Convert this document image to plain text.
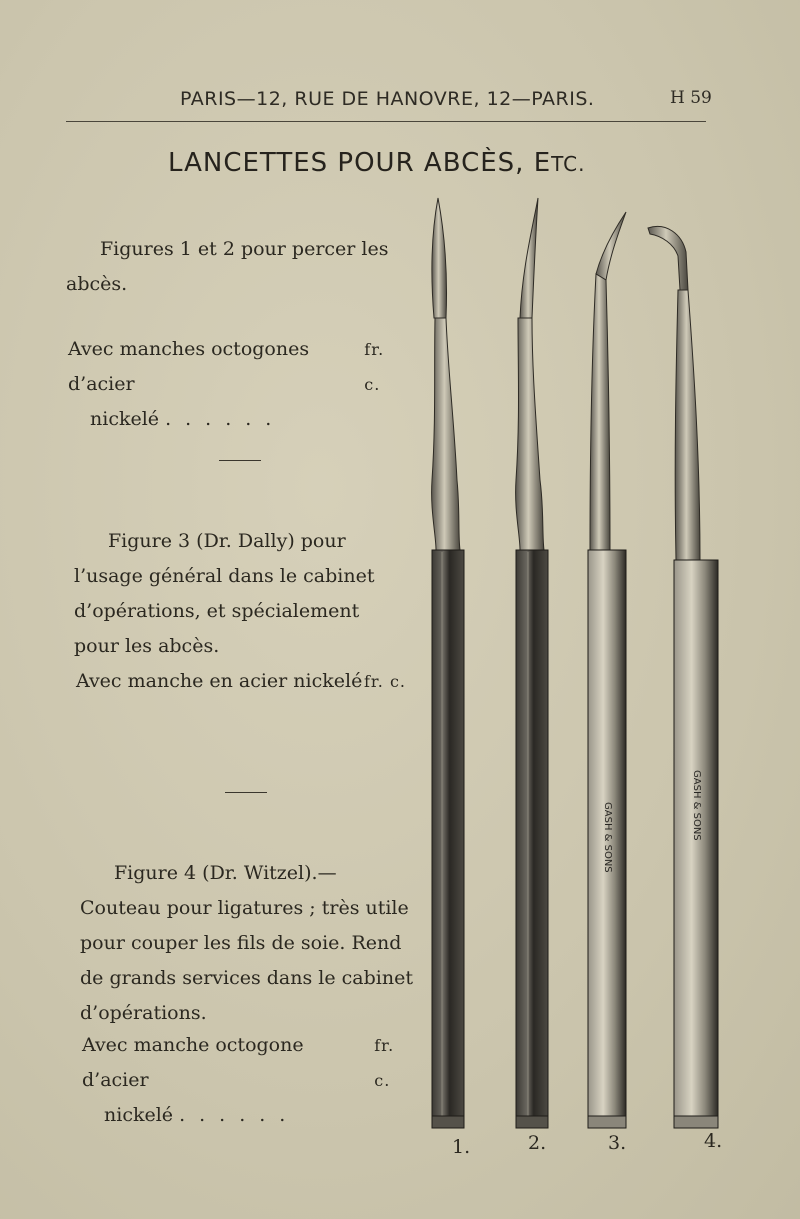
PARIS—12, RUE DE HANOVRE, 12—PARIS.	H 59
LANCETTES POUR ABCÈS, ETC.
Figures 1 et 2 pour percer les abcès.
Avec manches octogones d’acier
fr. c.
nickelé ......
Figure 3 (Dr. Dally) pour l’usage général dans le cabinet d’opérations, et spécialement pour les abcès.
Avec manche en acier nickelé fr. c.
Figure 4 (Dr. Witzel).—Couteau pour ligatures ; très utile pour couper les fils de soie. Rend de grands services dans le cabinet d’opérations.
Avec manche octogone d’acier
fr. c.
nickelé ......
GASH & SONS	GASH & SONS
1.	2.	3.	4.
